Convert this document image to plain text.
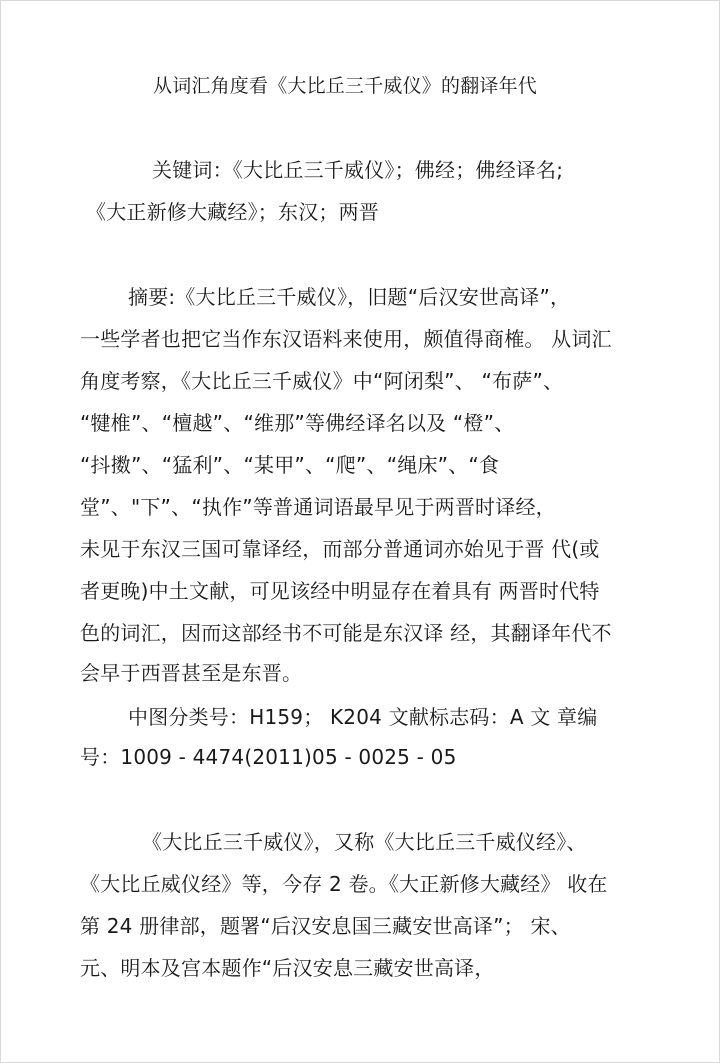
从词汇角度看《大比丘三千威仪》的翻译年代
关键词：《大比丘三千威仪》；佛经；佛经译名;
《大正新修大藏经》；东汉；两晋
摘要:《大比丘三千威仪》，旧题“后汉安世高译”，
一些学者也把它当作东汉语料来使用，颇值得商榷。 从词汇
角度考察，《大比丘三千威仪》中“阿闭梨”、 “布萨”、
“犍椎”、“檀越”、“维那”等佛经译名以及 “橙”、
“抖擞”、“猛利”、“某甲”、“爬”、“绳床”、“食
堂”、"下”、“执作”等普通词语最早见于两晋时译经，
未见于东汉三国可靠译经，而部分普通词亦始见于晋 代(或
者更晚)中土文献，可见该经中明显存在着具有 两晋时代特
色的词汇，因而这部经书不可能是东汉译 经，其翻译年代不
会早于西晋甚至是东晋。
中图分类号：H159； K204 文献标志码：A 文 章编
号：1009 - 4474(2011)05 - 0025 - 05
《大比丘三千威仪》，又称《大比丘三千威仪经》、
《大比丘威仪经》等，今存 2 卷。《大正新修大藏经》 收在
第 24 册律部，题署“后汉安息国三藏安世高译”； 宋、
元、明本及宫本题作“后汉安息三藏安世高译，
